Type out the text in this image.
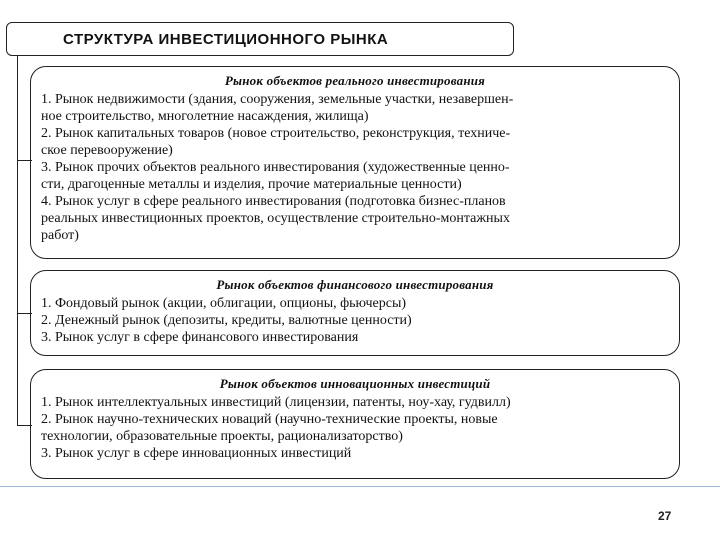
СТРУКТУРА ИНВЕСТИЦИОННОГО РЫНКА
Рынок объектов реального инвестирования

1. Рынок недвижимости (здания, сооружения, земельные участки, незавершен-

ное строительство, многолетние насаждения, жилища)

2. Рынок капитальных товаров (новое строительство, реконструкция, техниче-

ское перевооружение)

3. Рынок прочих объектов реального инвестирования (художественные ценно-

сти, драгоценные металлы и изделия, прочие материальные ценности)

4. Рынок услуг в сфере реального инвестирования (подготовка бизнес-планов

реальных инвестиционных проектов, осуществление строительно-монтажных

работ)

Рынок объектов финансового инвестирования

1. Фондовый рынок (акции, облигации, опционы, фьючерсы)

2. Денежный рынок (депозиты, кредиты, валютные ценности)

3. Рынок услуг в сфере финансового инвестирования

Рынок объектов инновационных инвестиций

1. Рынок интеллектуальных инвестиций (лицензии, патенты, ноу-хау, гудвилл)

2. Рынок научно-технических новаций (научно-технические проекты, новые

технологии, образовательные проекты, рационализаторство)

3. Рынок услуг в сфере инновационных инвестиций

27
